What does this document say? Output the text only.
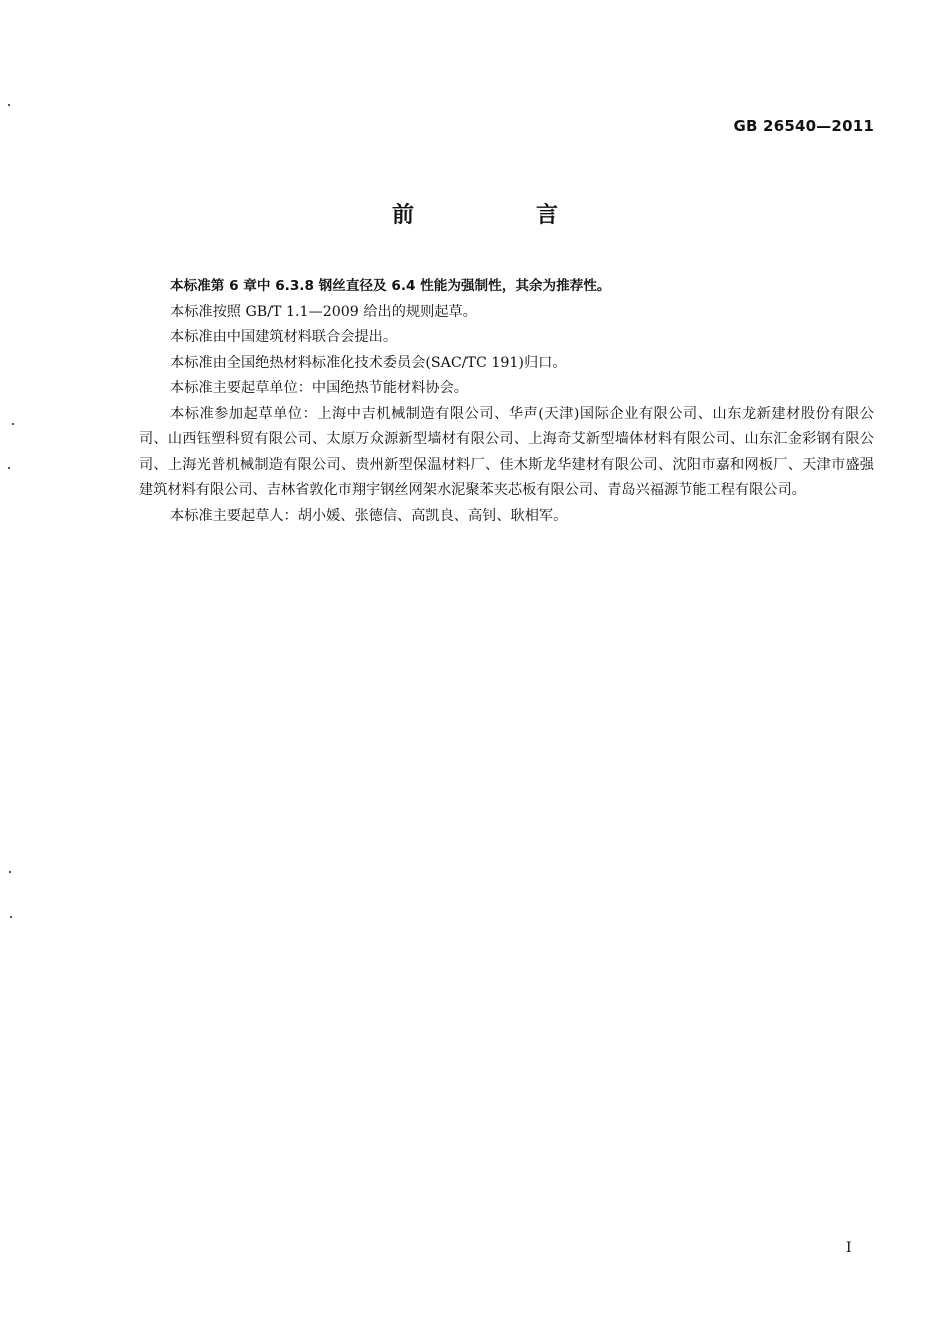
GB 26540—2011
前　言

本标准第 6 章中 6.3.8 钢丝直径及 6.4 性能为强制性，其余为推荐性。

本标准按照 GB/T 1.1—2009 给出的规则起草。

本标准由中国建筑材料联合会提出。

本标准由全国绝热材料标准化技术委员会(SAC/TC 191)归口。

本标准主要起草单位：中国绝热节能材料协会。

本标准参加起草单位：上海中吉机械制造有限公司、华声(天津)国际企业有限公司、山东龙新建材股份有限公司、山西钰塑科贸有限公司、太原万众源新型墙材有限公司、上海奇艾新型墙体材料有限公司、山东汇金彩钢有限公司、上海光普机械制造有限公司、贵州新型保温材料厂、佳木斯龙华建材有限公司、沈阳市嘉和网板厂、天津市盛强建筑材料有限公司、吉林省敦化市翔宇钢丝网架水泥聚苯夹芯板有限公司、青岛兴福源节能工程有限公司。

本标准主要起草人：胡小媛、张德信、高凯良、高钊、耿相军。

I
